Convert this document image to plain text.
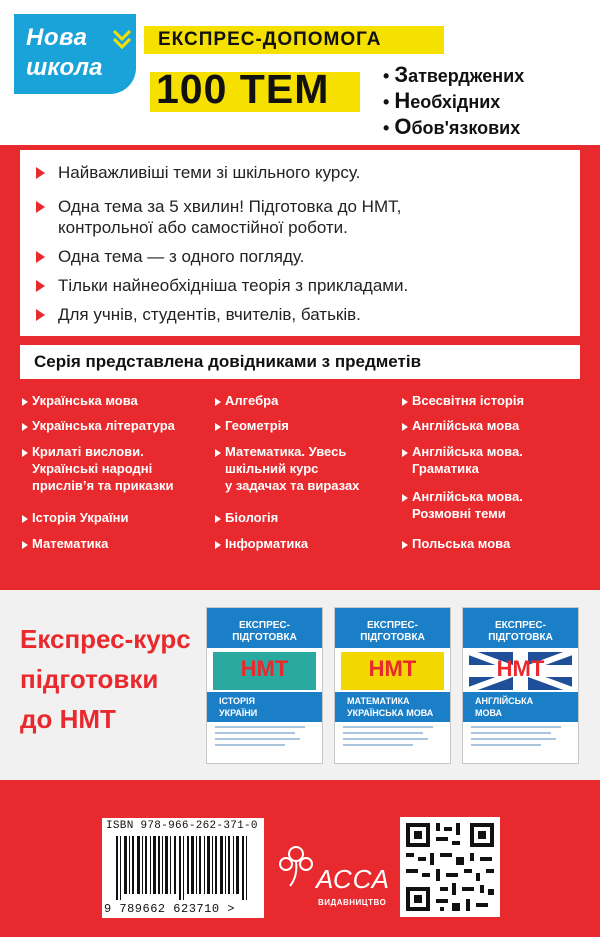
Нова
школа
ЕКСПРЕС-ДОПОМОГА
100 ТЕМ	• Затверджених
• Необхідних
• Обов'язкових
Найважливіші теми зі шкільного курсу.
Одна тема за 5 хвилин! Підготовка до НМТ,
контрольної або самостійної роботи.
Одна тема — з одного погляду.
Тільки найнеобхідніша теорія з прикладами.
Для учнів, студентів, вчителів, батьків.
Серія представлена довідниками з предметів
Українська мова
Українська література
Крилаті вислови.
Українські народні
прислів’я та приказки
Історія України
Математика
Алгебра
Геометрія
Математика. Увесь
шкільний курс
у задачах та виразах
Біологія
Інформатика
Всесвітня історія
Англійська мова
Англійська мова.
Граматика
Англійська мова.
Розмовні теми
Польська мова
Експрес-курс
підготовки
до НМТ
ЕКСПРЕС-ПІДГОТОВКА
НМТ
ІСТОРІЯ
УКРАЇНИ
ЕКСПРЕС-ПІДГОТОВКА
НМТ
МАТЕМАТИКА
УКРАЇНСЬКА МОВА
ЕКСПРЕС-ПІДГОТОВКА
НМТ
АНГЛІЙСЬКА
МОВА
ISBN 978-966-262-371-0
9 789662 623710 >
АССА
ВИДАВНИЦТВО
